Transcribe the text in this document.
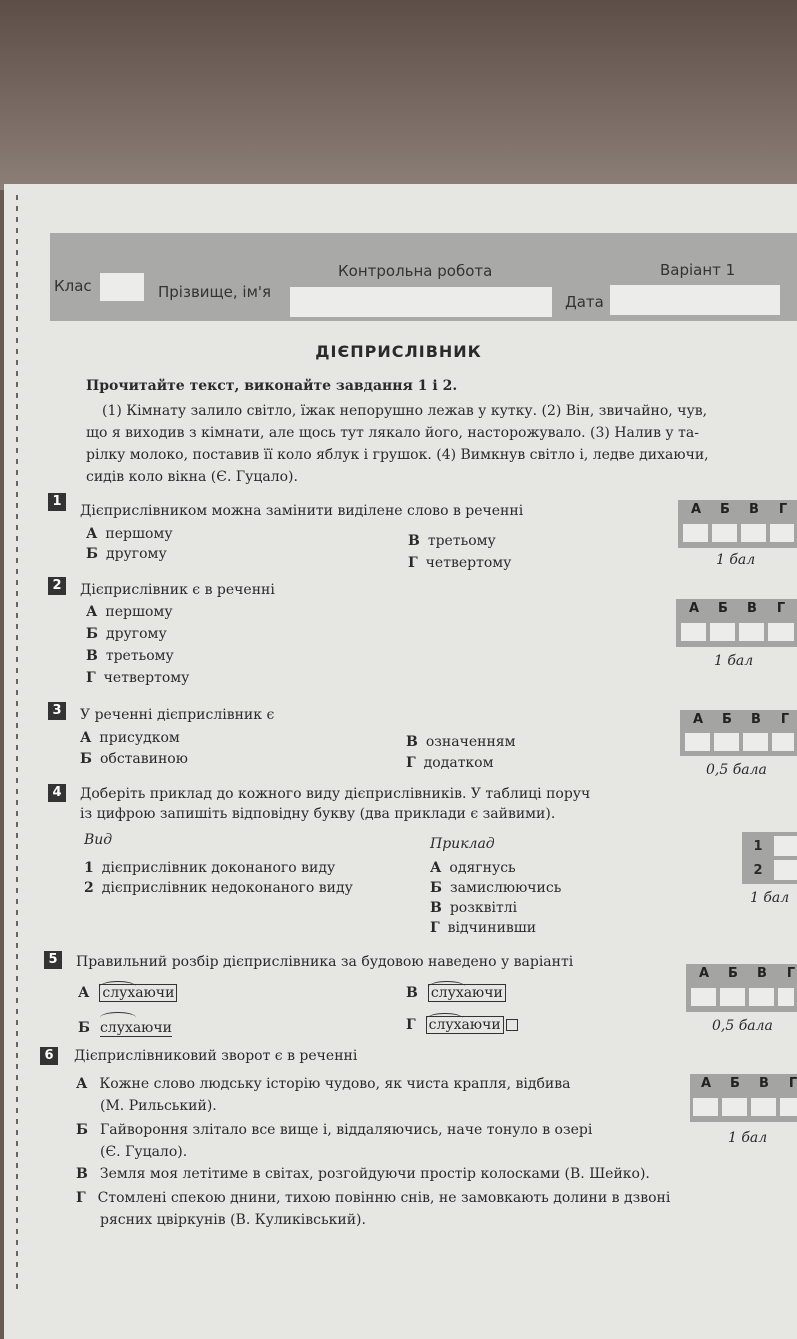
Клас	Прізвище, ім'я
Контрольна робота	Варіант 1
Дата
ДІЄПРИСЛІВНИК
Прочитайте текст, виконайте завдання 1 і 2.

(1) Кімнату залило світло, їжак непорушно лежав у кутку. (2) Він, звичайно, чув,

що я виходив з кімнати, але щось тут лякало його, насторожувало. (3) Налив у та-

рілку молоко, поставив її коло яблук і грушок. (4) Вимкнув світло і, ледве дихаючи,

сидів коло вікна (Є. Гуцало).

1
Дієприслівником можна замінити виділене слово в реченні
А першому
Б другому
В третьому
Г четвертому
А	Б	В	Г
1 бал
2	Дієприслівник є в реченні
А першому
Б другому
В третьому
Г четвертому
А	Б	В	Г
1 бал
3	У реченні дієприслівник є
А присудком
Б обставиною
В означенням
Г додатком
А	Б	В	Г
0,5 бала
4	Доберіть приклад до кожного виду дієприслівників. У таблиці поруч
із цифрою запишіть відповідну букву (два приклади є зайвими).
Вид	Приклад
1 дієприслівник доконаного виду
2 дієприслівник недоконаного виду
А одягнусь
Б замислюючись
В розквітлі
Г відчинивши
1
2
1 бал
5	Правильний розбір дієприслівника за будовою наведено у варіанті
А слухаючи
Б слухаючи
В слухаючи
Г слухаючи
А	Б	В	Г
0,5 бала
6	Дієприслівниковий зворот є в реченні
А Кожне слово людську історію чудово, як чиста крапля, відбива
(М. Рильський).
Б Гайвороння злітало все вище і, віддаляючись, наче тонуло в озері
(Є. Гуцало).
В Земля моя летітиме в світах, розгойдуючи простір колосками (В. Шейко).
Г Стомлені спекою днини, тихою повінню снів, не замовкають долини в дзвоні
рясних цвіркунів (В. Куликівський).
А	Б	В	Г
1 бал
